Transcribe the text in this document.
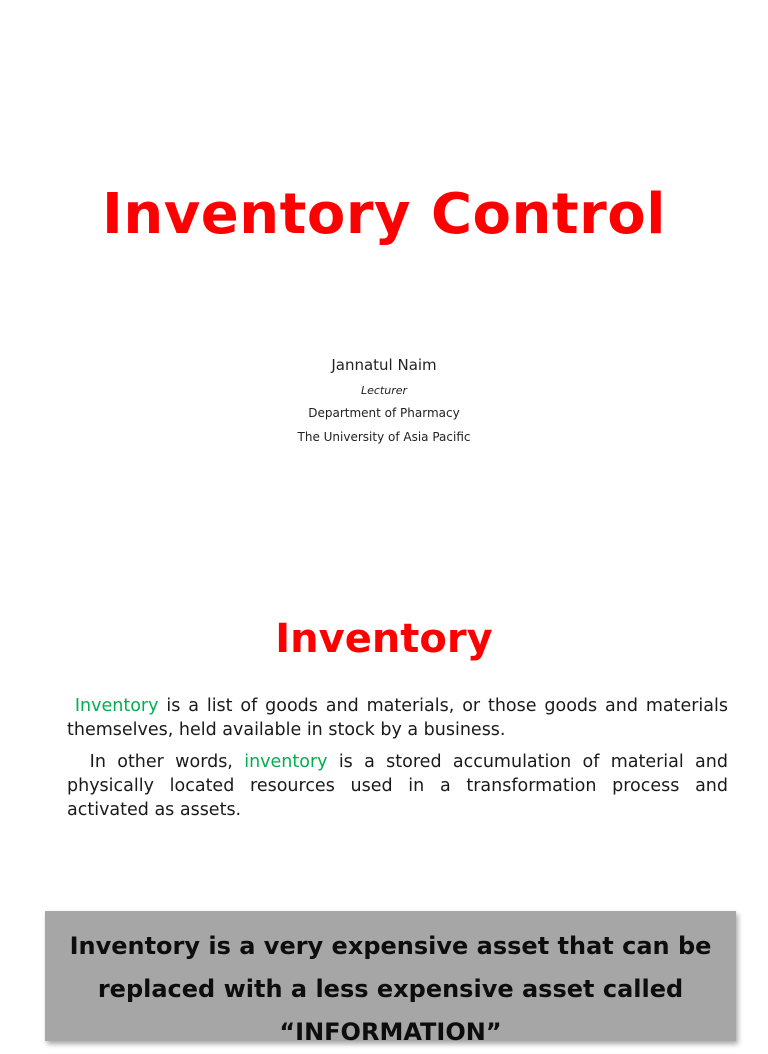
Inventory Control

Jannatul Naim

Lecturer

Department of Pharmacy

The University of Asia Pacific

Inventory

Inventory is a list of goods and materials, or those goods and materials themselves, held available in stock by a business.

In other words, inventory is a stored accumulation of material and physically located resources used in a transformation process and activated as assets.

Inventory is a very expensive asset that can be replaced with a less expensive asset called “INFORMATION”
